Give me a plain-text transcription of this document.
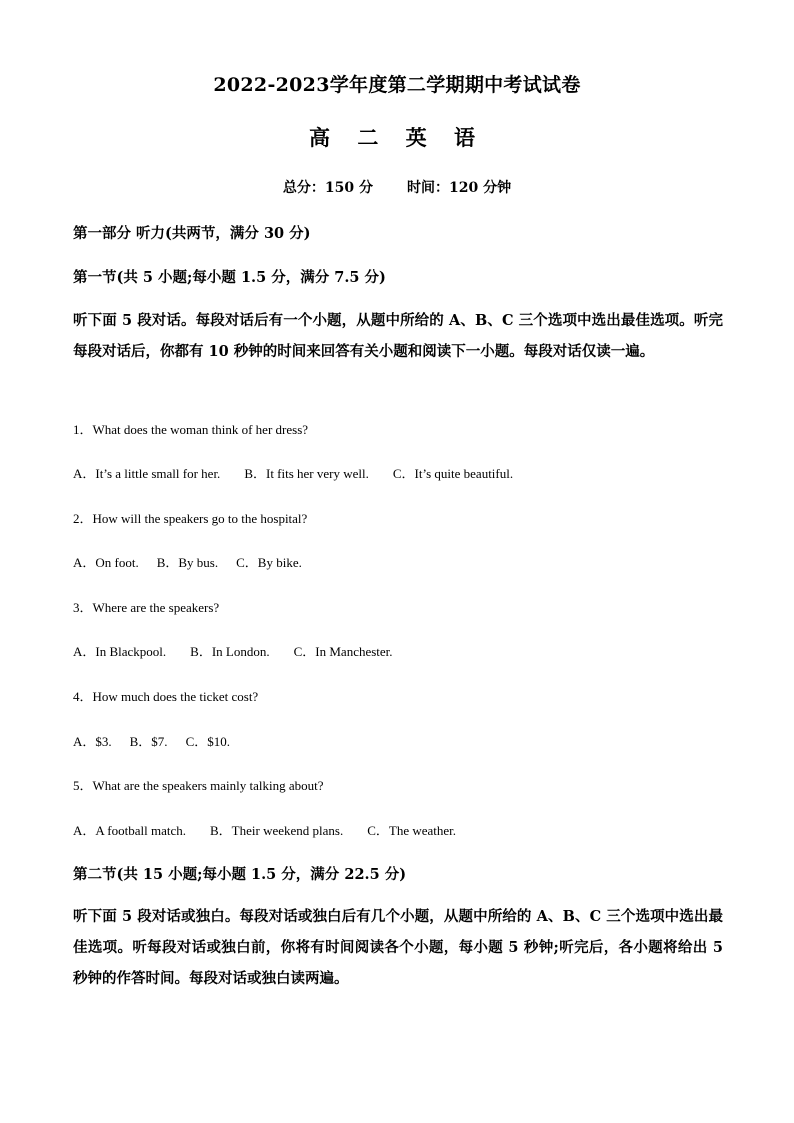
2022-2023学年度第二学期期中考试试卷
高 二 英 语
总分：150 分 时间：120 分钟
第一部分 听力(共两节，满分 30 分)
第一节(共 5 小题;每小题 1.5 分，满分 7.5 分)
听下面 5 段对话。每段对话后有一个小题，从题中所给的 A、B、C 三个选项中选出最佳选项。听完每段对话后，你都有 10 秒钟的时间来回答有关小题和阅读下一小题。每段对话仅读一遍。
1．What does the woman think of her dress?
A．It’s a little small for her. B．It fits her very well. C．It’s quite beautiful.
2．How will the speakers go to the hospital?
A．On foot. B．By bus. C．By bike.
3．Where are the speakers?
A．In Blackpool. B．In London. C．In Manchester.
4．How much does the ticket cost?
A．$3. B．$7. C．$10.
5．What are the speakers mainly talking about?
A．A football match. B．Their weekend plans. C．The weather.
第二节(共 15 小题;每小题 1.5 分，满分 22.5 分)
听下面 5 段对话或独白。每段对话或独白后有几个小题，从题中所给的 A、B、C 三个选项中选出最佳选项。听每段对话或独白前，你将有时间阅读各个小题，每小题 5 秒钟;听完后，各小题将给出 5 秒钟的作答时间。每段对话或独白读两遍。
